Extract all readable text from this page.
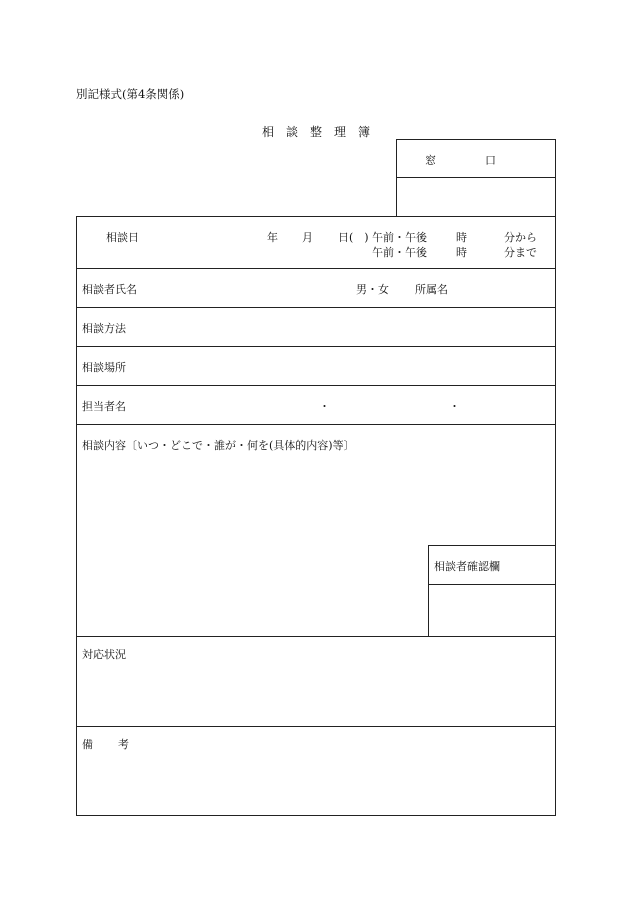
別記様式(第4条関係)
相　談　整　理　簿
窓	口
相談日	年 月 日(　) 午前・午後	時	分から
午前・午後	時	分まで
相談者氏名	男・女 所属名
相談方法
相談場所
担当者名	・	・
相談内容〔いつ・どこで・誰が・何を(具体的内容)等〕
相談者確認欄
対応状況
備 考
